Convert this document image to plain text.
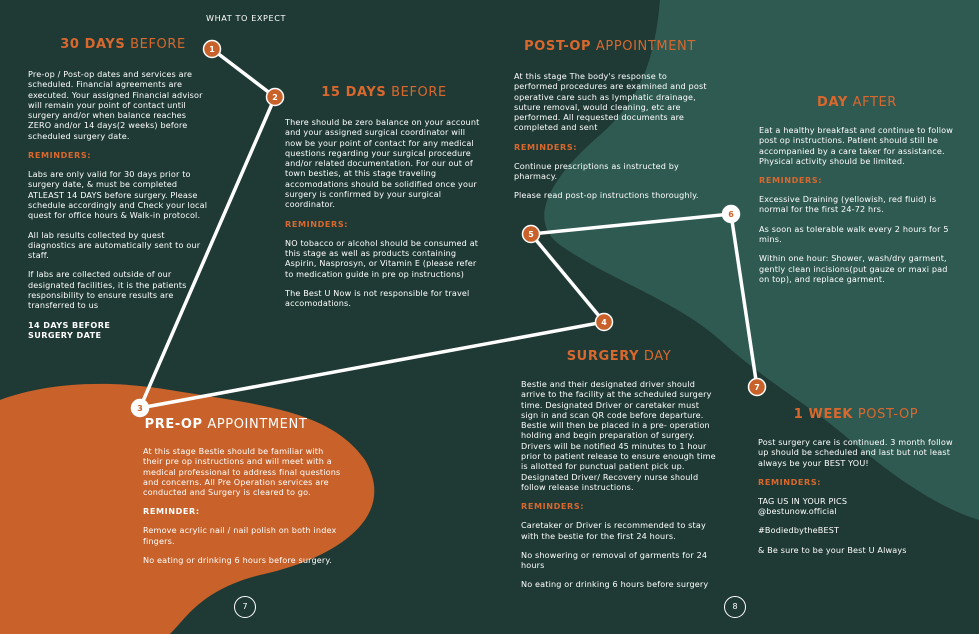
1
2
3
4
5
6
7
WHAT TO EXPECT

30 DAYS BEFORE

Pre-op / Post-op dates and services are scheduled. Financial agreements are executed. Your assigned Financial advisor will remain your point of contact until surgery and/or when balance reaches ZERO and/or 14 days(2 weeks) before scheduled surgery date.

REMINDERS:

Labs are only valid for 30 days prior to surgery date, & must be completed ATLEAST 14 DAYS before surgery. Please schedule accordingly and Check your local quest for office hours & Walk-in protocol.

All lab results collected by quest diagnostics are automatically sent to our staff.

If labs are collected outside of our designated facilities, it is the patients responsibility to ensure results are transferred to us

14 DAYS BEFORE
SURGERY DATE

15 DAYS BEFORE

There should be zero balance on your account and your assigned surgical coordinator will now be your point of contact for any medical questions regarding your surgical procedure and/or related documentation. For our out of town besties, at this stage traveling accomodations should be solidified once your surgery is confirmed by your surgical coordinator.

REMINDERS:

NO tobacco or alcohol should be consumed at this stage as well as products containing Aspirin, Nasprosyn, or Vitamin E (please refer to medication guide in pre op instructions)

The Best U Now is not responsible for travel accomodations.

PRE-OP APPOINTMENT

At this stage Bestie should be familiar with their pre op instructions and will meet with a medical professional to address final questions and concerns. All Pre Operation services are conducted and Surgery is cleared to go.

REMINDER:

Remove acrylic nail / nail polish on both index fingers.

No eating or drinking 6 hours before surgery.

POST-OP APPOINTMENT

At this stage The body's response to performed procedures are examined and post operative care such as lymphatic drainage, suture removal, would cleaning, etc are performed. All requested documents are completed and sent

REMINDERS:

Continue prescriptions as instructed by pharmacy.

Please read post-op instructions thoroughly.

SURGERY DAY

Bestie and their designated driver should arrive to the facility at the scheduled surgery time. Designated Driver or caretaker must sign in and scan QR code before departure. Bestie will then be placed in a pre- operation holding and begin preparation of surgery. Drivers will be notified 45 minutes to 1 hour prior to patient release to ensure enough time is allotted for punctual patient pick up. Designated Driver/ Recovery nurse should follow release instructions.

REMINDERS:

Caretaker or Driver is recommended to stay with the bestie for the first 24 hours.

No showering or removal of garments for 24 hours

No eating or drinking 6 hours before surgery

DAY AFTER

Eat a healthy breakfast and continue to follow post op instructions. Patient should still be accompanied by a care taker for assistance. Physical activity should be limited.

REMINDERS:

Excessive Draining (yellowish, red fluid) is normal for the first 24-72 hrs.

As soon as tolerable walk every 2 hours for 5 mins.

Within one hour: Shower, wash/dry garment, gently clean incisions(put gauze or maxi pad on top), and replace garment.

1 WEEK POST-OP

Post surgery care is continued. 3 month follow up should be scheduled and last but not least always be your BEST YOU!

REMINDERS:

TAG US IN YOUR PICS
@bestunow.official

#BodiedbytheBEST

& Be sure to be your Best U Always

7	8
